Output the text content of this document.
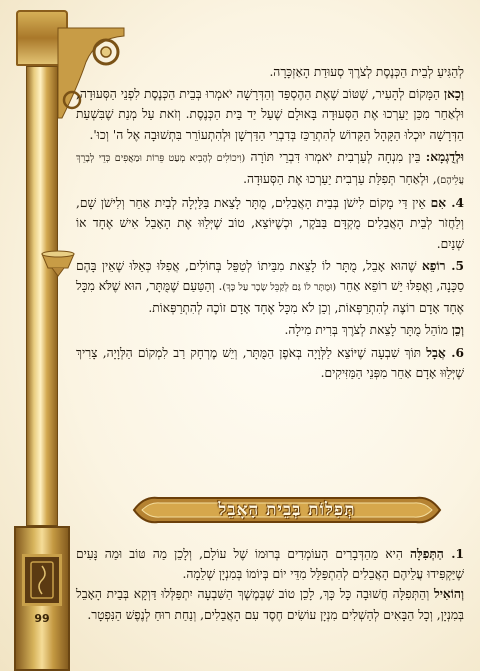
99

לְהַגִּיעַ לְבֵית הַכְּנֶסֶת לְצֹרֶךְ סְעוּדַת הָאַזְכָּרָה.

וְכָאן הַמָּקוֹם לְהָעִיר, שֶׁטּוֹב שֶׁאֶת הַהֶסְפֵּד וְהַדְּרָשָׁה יֹאמְרוּ בְּבֵית הַכְּנֶסֶת לִפְנֵי הַסְּעוּדָה, וּלְאַחַר מִכֵּן יַעַרְכוּ אֶת הַסְּעוּדָה בָּאוּלָם שֶׁעַל יַד בֵּית הַכְּנֶסֶת. וְזֹאת עַל מְנַת שֶׁבִּשְׁעַת הַדְּרָשָׁה יוּכְלוּ הַקָּהָל הַקָּדוֹשׁ לְהִתְרַכֵּז בְּדִבְרֵי הַדַּרְשָׁן וּלְהִתְעוֹרֵר בִּתְשׁוּבָה אֶל ה' וְכוּ'.

וּלְדֻגְמָא: בֵּין מִנְחָה לְעַרְבִית יֹאמְרוּ דִּבְרֵי תּוֹרָה (וִיכוֹלִים לְהָבִיא מְעַט פֵּרוֹת וּמַאֲפִים כְּדֵי לְבָרֵךְ עֲלֵיהֶם), וּלְאַחַר תְּפִלַּת עַרְבִית יַעַרְכוּ אֶת הַסְּעוּדָה.

4. אִם אֵין דַּי מָקוֹם לִישֹׁן בְּבֵית הָאֲבֵלִים, מֻתָּר לָצֵאת בַּלַּיְלָה לְבַיִת אַחֵר וְלִישֹׁן שָׁם, וְלַחֲזֹר לְבֵית הָאֲבֵלִים מֻקְדָּם בַּבֹּקֶר, וּכְשֶׁיּוֹצֵא, טוֹב שֶׁיְּלַוּוּ אֶת הָאָבֵל אִישׁ אֶחָד אוֹ שְׁנַיִם.

5. רוֹפֵא שֶׁהוּא אָבֵל, מֻתָּר לוֹ לָצֵאת מִבֵּיתוֹ לְטַפֵּל בְּחוֹלִים, אֲפִלּוּ כְּאֵלּוּ שֶׁאֵין בָּהֶם סַכָּנָה, וַאֲפִלּוּ יֵשׁ רוֹפֵא אַחֵר (וּמֻתָּר לוֹ גַּם לְקַבֵּל שָׂכָר עַל כָּךְ). וְהַטַּעַם שֶׁמֻּתָּר, הוּא שֶׁלֹּא מִכָּל אֶחָד אָדָם רוֹצֶה לְהִתְרַפְּאוֹת, וְכֵן לֹא מִכָּל אֶחָד אָדָם זוֹכֶה לְהִתְרַפְּאוֹת.

וְכֵן מוֹהֵל מֻתָּר לָצֵאת לְצֹרֶךְ בְּרִית מִילָה.

6. אֲבָל תּוֹךְ שִׁבְעָה שֶׁיּוֹצֵא לַלְּוָיָה בְּאֹפֶן הַמֻּתָּר, וְיֵשׁ מֶרְחָק רַב לִמְקוֹם הַלְּוָיָה, צָרִיךְ שֶׁיְּלַוּוּ אָדָם אַחֵר מִפְּנֵי הַמַּזִּיקִים.

תְּפִלּוֹת בְּבֵית הָאָבֵל

1. הַתְּפִלָּה הִיא מֵהַדְּבָרִים הָעוֹמְדִים בְּרוּמוֹ שֶׁל עוֹלָם, וְלָכֵן מַה טּוֹב וּמַה נָּעִים שֶׁיַּקְפִּידוּ עֲלֵיהֶם הָאֲבֵלִים לְהִתְפַּלֵּל מִדֵּי יוֹם בְּיוֹמוֹ בְּמִנְיָן שְׁלֵמָה.

וְהוֹאִיל וְהַתְּפִלָּה חֲשׁוּבָה כָּל כָּךְ, לָכֵן טוֹב שֶׁבְּמֶשֶׁךְ הַשִּׁבְעָה יִתְפַּלְּלוּ דַּוְקָא בְּבֵית הָאָבֵל בְּמִנְיָן, וְכָל הַבָּאִים לְהַשְׁלִים מִנְיָן עוֹשִׂים חֶסֶד עִם הָאֲבֵלִים, וְנַחַת רוּחַ לְנֶפֶשׁ הַנִּפְטָר.
